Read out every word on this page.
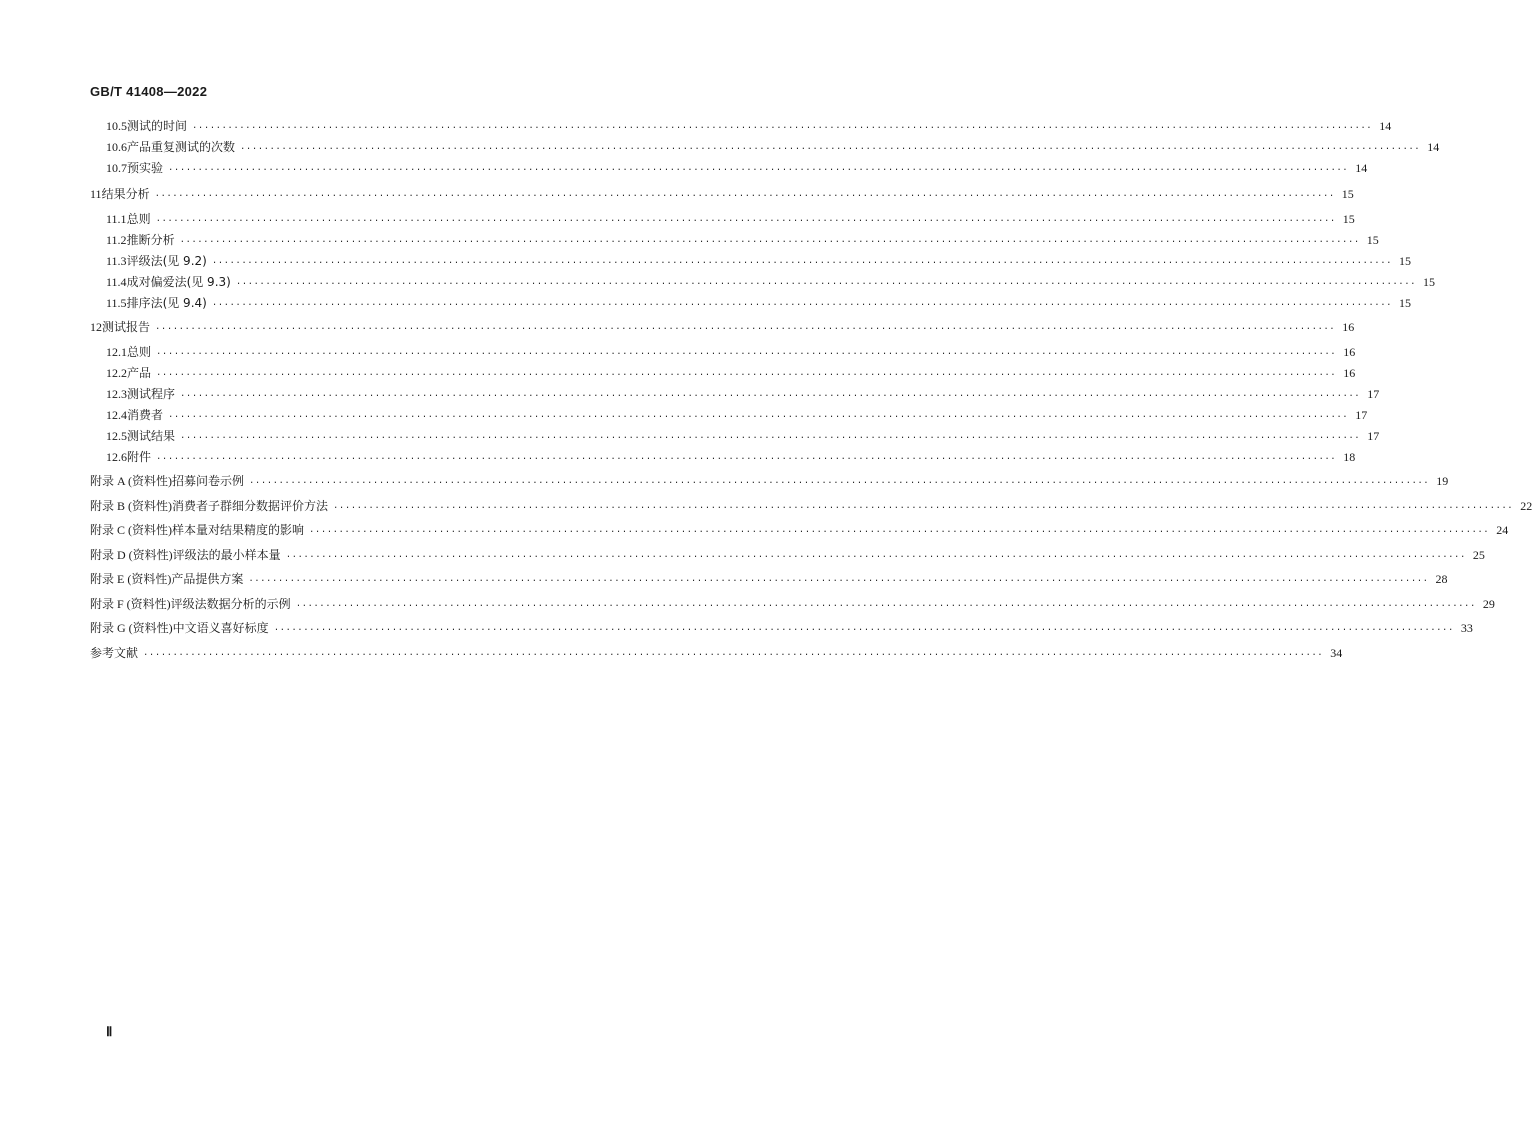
GB/T 41408—2022
10.5 测试的时间 ········································································································································································································ 14
10.6 产品重复测试的次数 ········································································································································································································ 14
10.7 预实验 ········································································································································································································ 14
11 结果分析 ········································································································································································································ 15
11.1 总则 ········································································································································································································ 15
11.2 推断分析 ········································································································································································································ 15
11.3 评级法(见 9.2) ········································································································································································································ 15
11.4 成对偏爱法(见 9.3) ········································································································································································································ 15
11.5 排序法(见 9.4) ········································································································································································································ 15
12 测试报告 ········································································································································································································ 16
12.1 总则 ········································································································································································································ 16
12.2 产品 ········································································································································································································ 16
12.3 测试程序 ········································································································································································································ 17
12.4 消费者 ········································································································································································································ 17
12.5 测试结果 ········································································································································································································ 17
12.6 附件 ········································································································································································································ 18
附录 A (资料性) 招募问卷示例 ········································································································································································································ 19
附录 B (资料性) 消费者子群细分数据评价方法 ········································································································································································································ 22
附录 C (资料性) 样本量对结果精度的影响 ········································································································································································································ 24
附录 D (资料性) 评级法的最小样本量 ········································································································································································································ 25
附录 E (资料性) 产品提供方案 ········································································································································································································ 28
附录 F (资料性) 评级法数据分析的示例 ········································································································································································································ 29
附录 G (资料性) 中文语义喜好标度 ········································································································································································································ 33
参考文献 ········································································································································································································ 34
Ⅱ
